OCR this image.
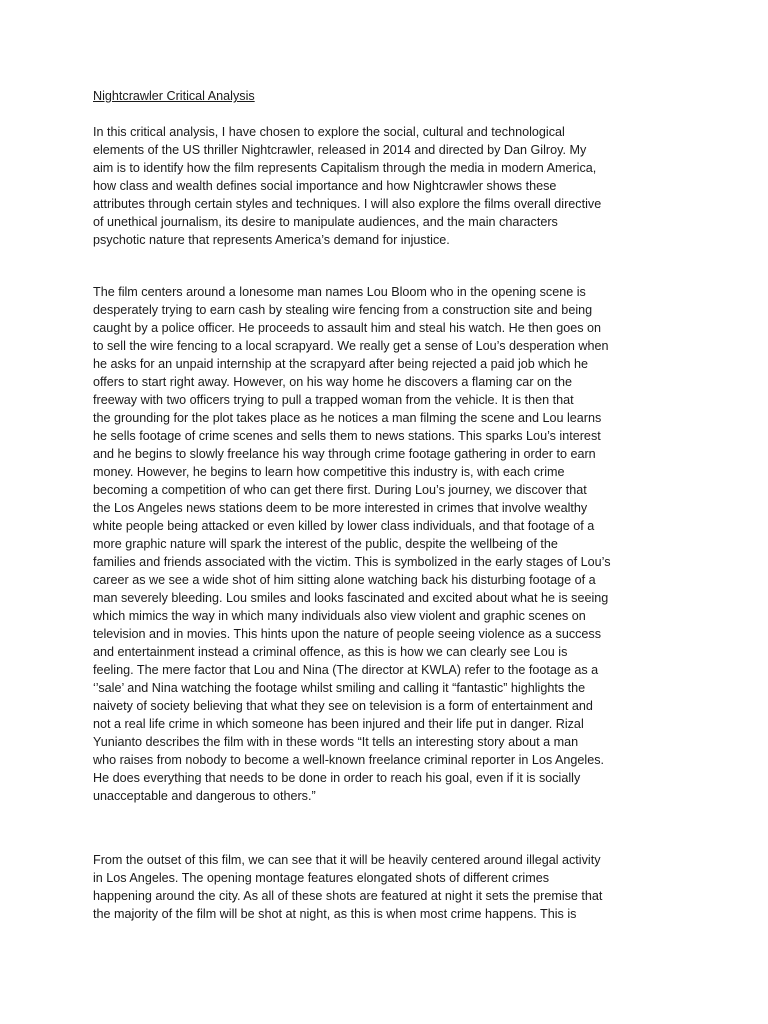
Nightcrawler Critical Analysis
In this critical analysis, I have chosen to explore the social, cultural and technological
elements of the US thriller Nightcrawler, released in 2014 and directed by Dan Gilroy. My
aim is to identify how the film represents Capitalism through the media in modern America,
how class and wealth defines social importance and how Nightcrawler shows these
attributes through certain styles and techniques. I will also explore the films overall directive
of unethical journalism, its desire to manipulate audiences, and the main characters
psychotic nature that represents America’s demand for injustice.
The film centers around a lonesome man names Lou Bloom who in the opening scene is
desperately trying to earn cash by stealing wire fencing from a construction site and being
caught by a police officer. He proceeds to assault him and steal his watch. He then goes on
to sell the wire fencing to a local scrapyard. We really get a sense of Lou’s desperation when
he asks for an unpaid internship at the scrapyard after being rejected a paid job which he
offers to start right away. However, on his way home he discovers a flaming car on the
freeway with two officers trying to pull a trapped woman from the vehicle. It is then that
the grounding for the plot takes place as he notices a man filming the scene and Lou learns
he sells footage of crime scenes and sells them to news stations. This sparks Lou’s interest
and he begins to slowly freelance his way through crime footage gathering in order to earn
money. However, he begins to learn how competitive this industry is, with each crime
becoming a competition of who can get there first. During Lou’s journey, we discover that
the Los Angeles news stations deem to be more interested in crimes that involve wealthy
white people being attacked or even killed by lower class individuals, and that footage of a
more graphic nature will spark the interest of the public, despite the wellbeing of the
families and friends associated with the victim. This is symbolized in the early stages of Lou’s
career as we see a wide shot of him sitting alone watching back his disturbing footage of a
man severely bleeding. Lou smiles and looks fascinated and excited about what he is seeing
which mimics the way in which many individuals also view violent and graphic scenes on
television and in movies. This hints upon the nature of people seeing violence as a success
and entertainment instead a criminal offence, as this is how we can clearly see Lou is
feeling. The mere factor that Lou and Nina (The director at KWLA) refer to the footage as a
‘’sale’ and Nina watching the footage whilst smiling and calling it “fantastic” highlights the
naivety of society believing that what they see on television is a form of entertainment and
not a real life crime in which someone has been injured and their life put in danger. Rizal
Yunianto describes the film with in these words “It tells an interesting story about a man
who raises from nobody to become a well-known freelance criminal reporter in Los Angeles.
He does everything that needs to be done in order to reach his goal, even if it is socially
unacceptable and dangerous to others.”
From the outset of this film, we can see that it will be heavily centered around illegal activity
in Los Angeles. The opening montage features elongated shots of different crimes
happening around the city. As all of these shots are featured at night it sets the premise that
the majority of the film will be shot at night, as this is when most crime happens. This is
